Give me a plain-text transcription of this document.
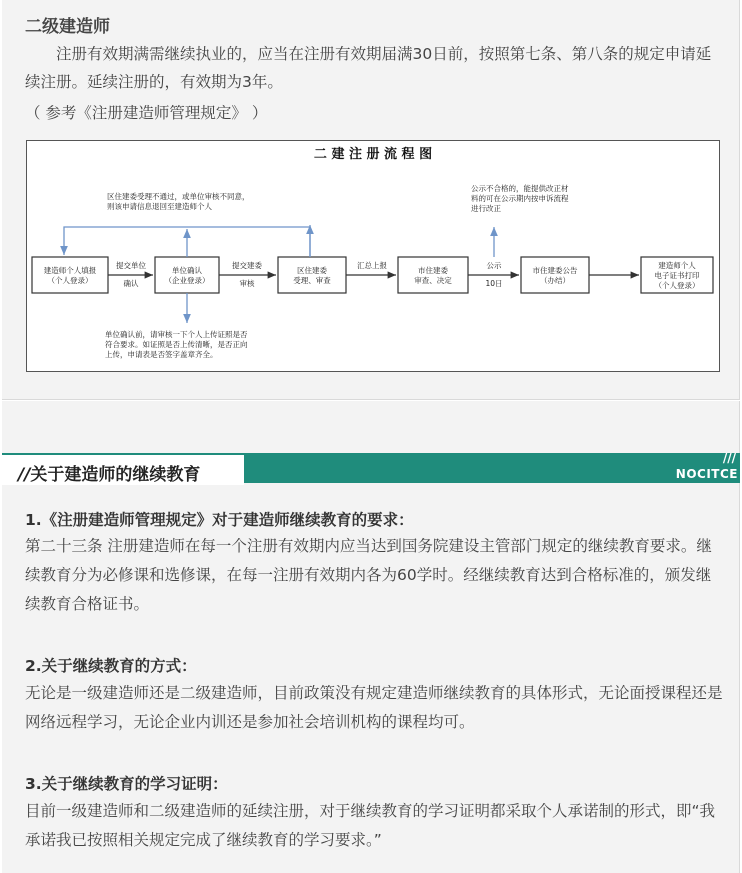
二级建造师
注册有效期满需继续执业的，应当在注册有效期届满30日前，按照第七条、第八条的规定申请延续注册。延续注册的，有效期为3年。
（ 参考《注册建造师管理规定》 ）
二 建 注 册 流 程 图
建造师个人填报（个人登录）
单位确认（企业登录）
区住建委受理、审查
市住建委审查、决定
市住建委公告（办结）
建造师个人电子证书打印（个人登录）
提交单位确认
提交建委审核
汇总上报	公示 10日
区住建委受理不通过，或单位审核不同意，则该申请信息退回至建造师个人
公示不合格的，能提供改正材料的可在公示期内按申诉流程进行改正
单位确认前，请审核一下个人上传证照是否符合要求。如证照是否上传清晰，是否正向上传，申请表是否签字盖章齐全。
///
NOCITCE
//关于建造师的继续教育
1.《注册建造师管理规定》对于建造师继续教育的要求：
第二十三条 注册建造师在每一个注册有效期内应当达到国务院建设主管部门规定的继续教育要求。继续教育分为必修课和选修课，在每一注册有效期内各为60学时。经继续教育达到合格标准的，颁发继续教育合格证书。
2.关于继续教育的方式：
无论是一级建造师还是二级建造师，目前政策没有规定建造师继续教育的具体形式，无论面授课程还是网络远程学习，无论企业内训还是参加社会培训机构的课程均可。
3.关于继续教育的学习证明：
目前一级建造师和二级建造师的延续注册，对于继续教育的学习证明都采取个人承诺制的形式，即“我承诺我已按照相关规定完成了继续教育的学习要求。”
